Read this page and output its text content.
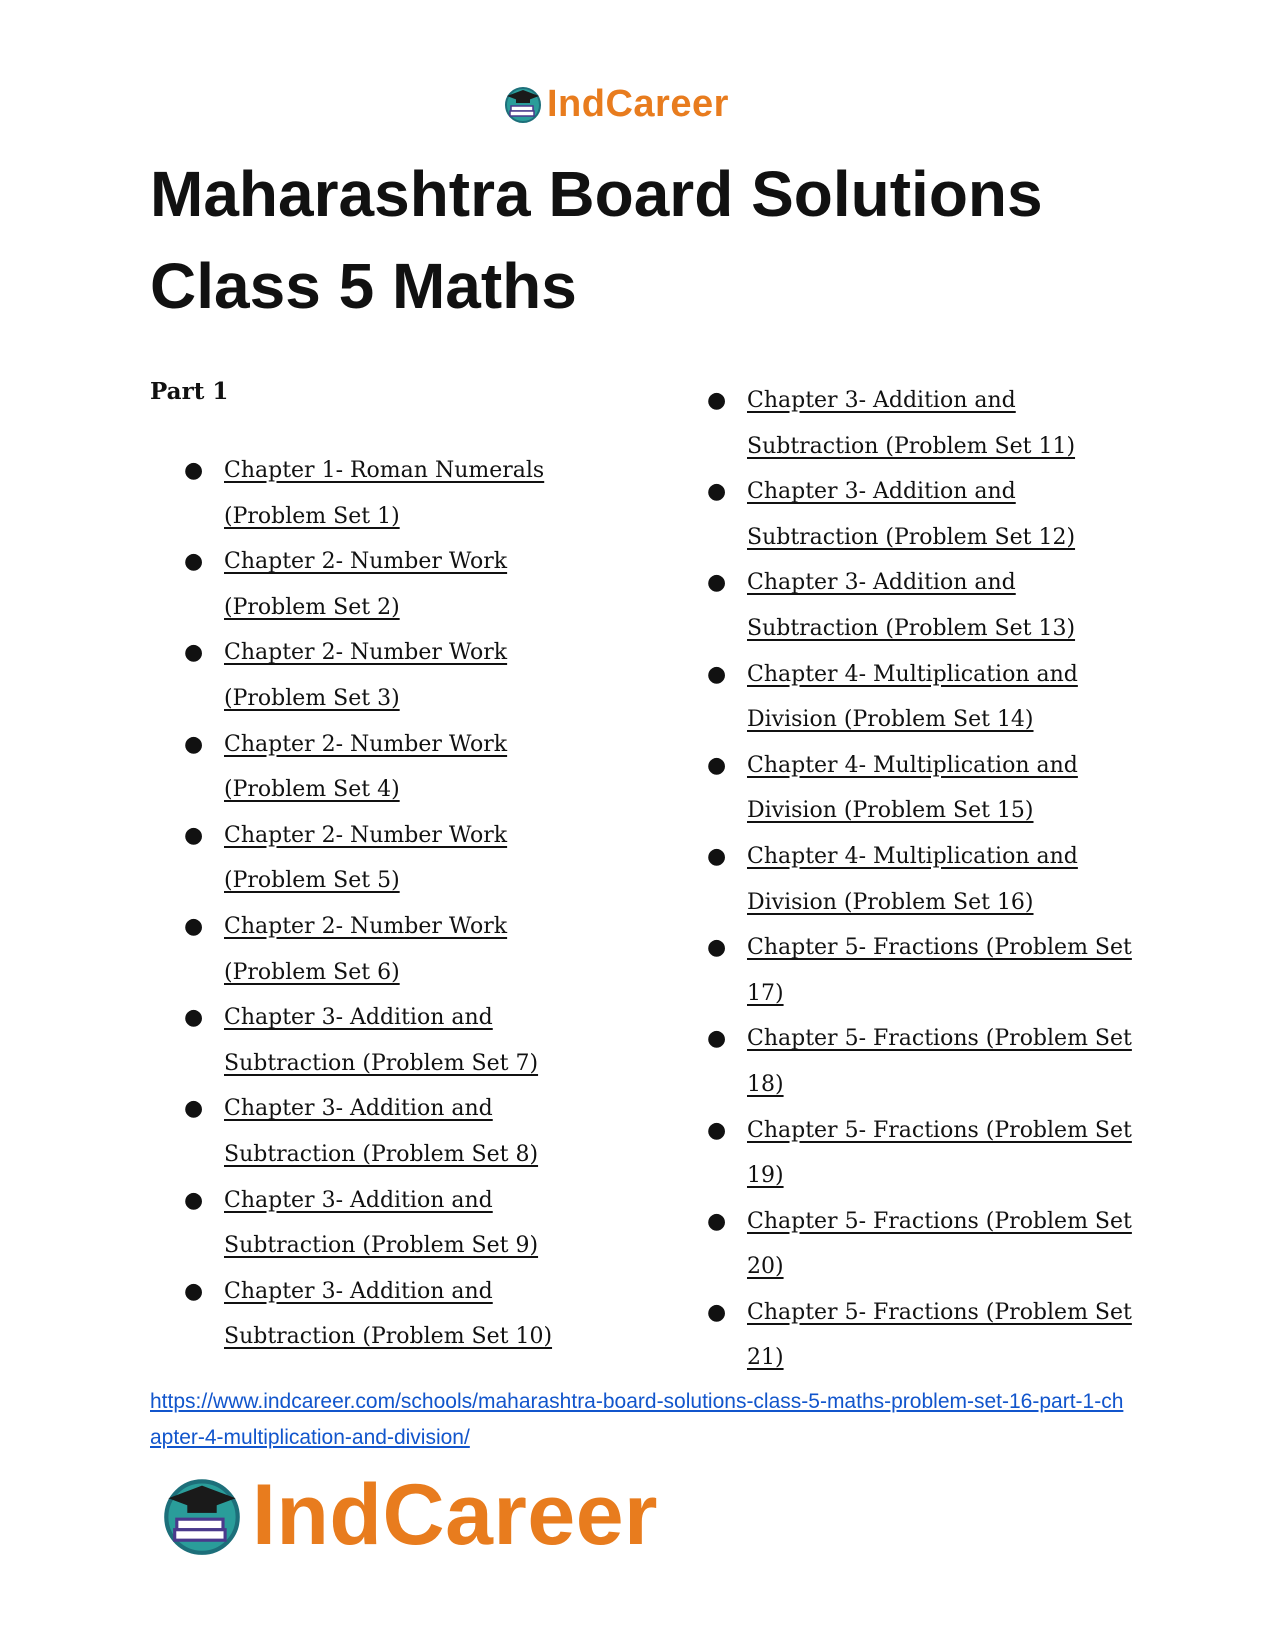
IndCareer
Maharashtra Board Solutions Class 5 Maths
Part 1
● Chapter 1- Roman Numerals (Problem Set 1)
● Chapter 2- Number Work (Problem Set 2)
● Chapter 2- Number Work (Problem Set 3)
● Chapter 2- Number Work (Problem Set 4)
● Chapter 2- Number Work (Problem Set 5)
● Chapter 2- Number Work (Problem Set 6)
● Chapter 3- Addition and Subtraction (Problem Set 7)
● Chapter 3- Addition and Subtraction (Problem Set 8)
● Chapter 3- Addition and Subtraction (Problem Set 9)
● Chapter 3- Addition and Subtraction (Problem Set 10)
● Chapter 3- Addition and Subtraction (Problem Set 11)
● Chapter 3- Addition and Subtraction (Problem Set 12)
● Chapter 3- Addition and Subtraction (Problem Set 13)
● Chapter 4- Multiplication and Division (Problem Set 14)
● Chapter 4- Multiplication and Division (Problem Set 15)
● Chapter 4- Multiplication and Division (Problem Set 16)
● Chapter 5- Fractions (Problem Set 17)
● Chapter 5- Fractions (Problem Set 18)
● Chapter 5- Fractions (Problem Set 19)
● Chapter 5- Fractions (Problem Set 20)
● Chapter 5- Fractions (Problem Set 21)
https://www.indcareer.com/schools/maharashtra-board-solutions-class-5-maths-problem-set-16-part-1-chapter-4-multiplication-and-division/
IndCareer
